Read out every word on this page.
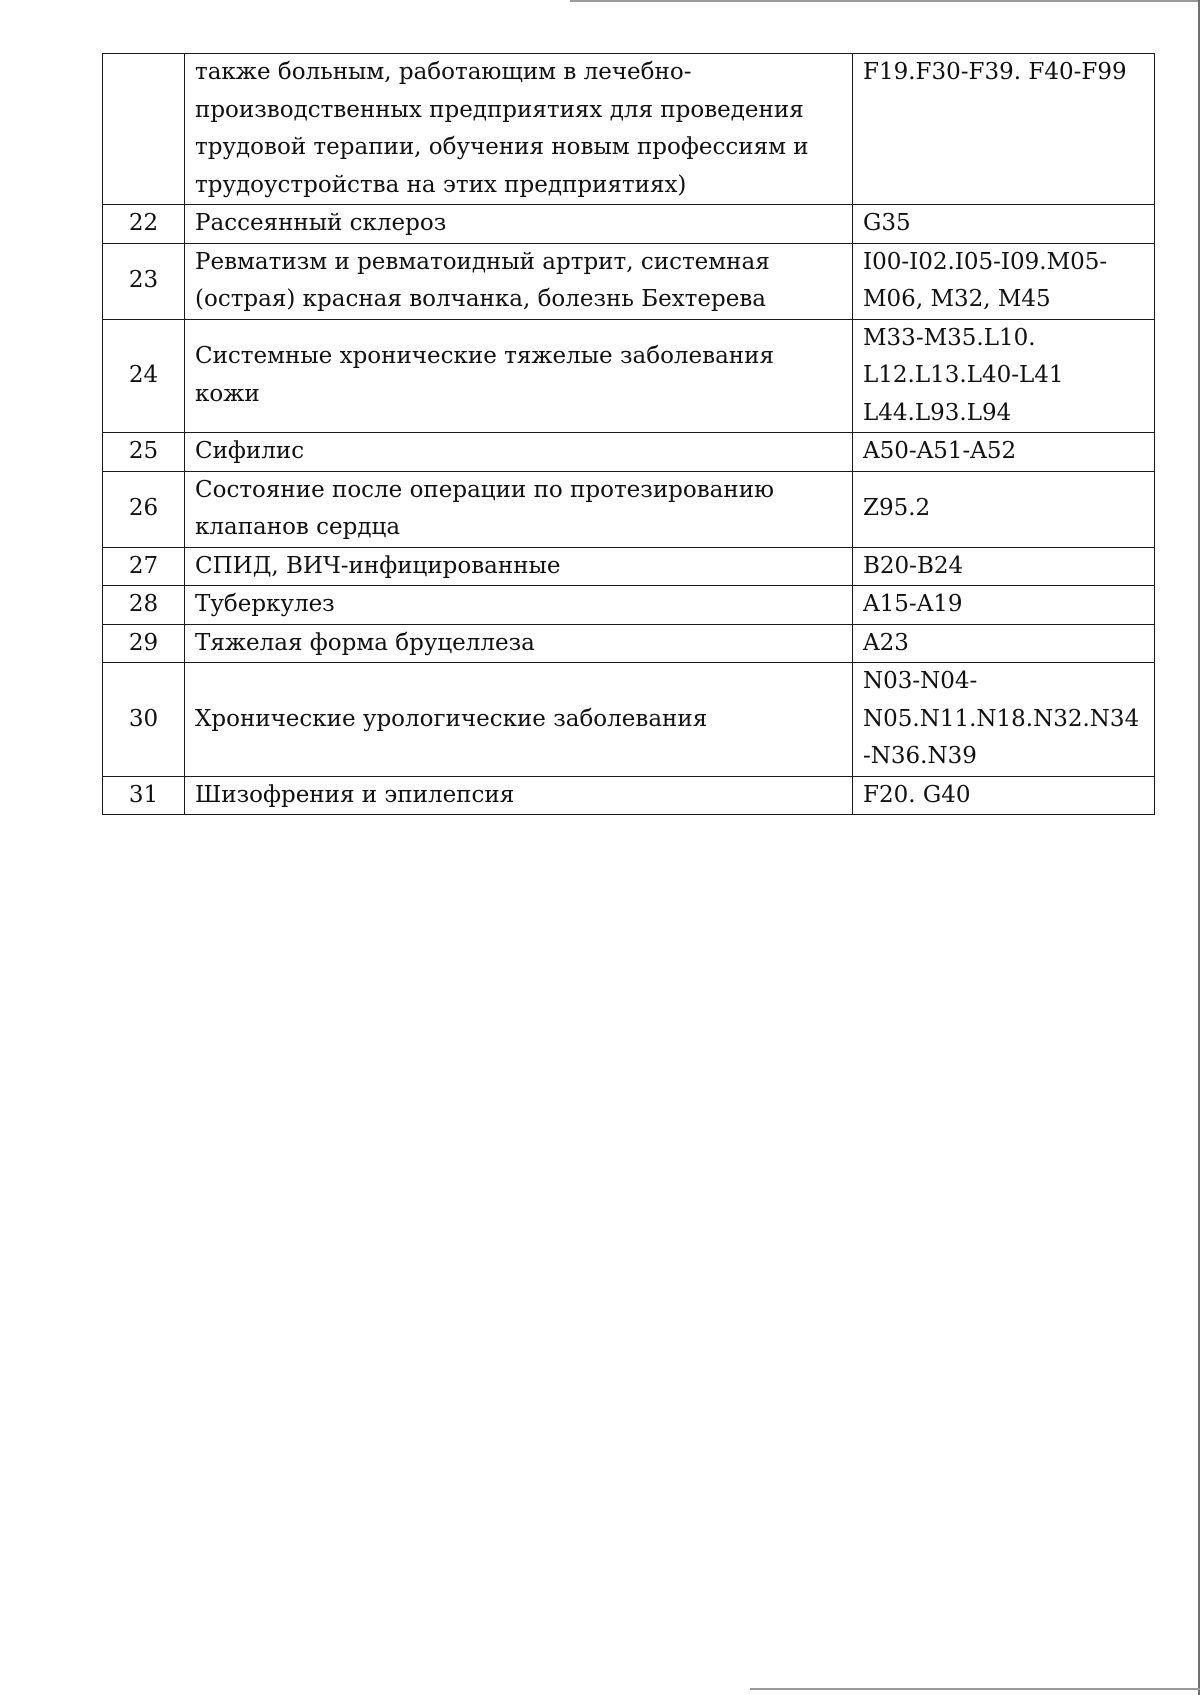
	также больным, работающим в лечебно-производственных предприятиях для проведения трудовой терапии, обучения новым профессиям и трудоустройства на этих предприятиях)	F19.F30-F39. F40-F99
22	Рассеянный склероз	G35
23	Ревматизм и ревматоидный артрит, системная (острая) красная волчанка, болезнь Бехтерева	I00-I02.I05-I09.M05-M06, M32, M45
24	Системные хронические тяжелые заболевания кожи	M33-M35.L10. L12.L13.L40-L41 L44.L93.L94
25	Сифилис	A50-A51-A52
26	Состояние после операции по протезированию клапанов сердца	Z95.2
27	СПИД, ВИЧ-инфицированные	B20-B24
28	Туберкулез	A15-A19
29	Тяжелая форма бруцеллеза	A23
30	Хронические урологические заболевания	N03-N04-N05.N11.N18.N32.N34-N36.N39
31	Шизофрения и эпилепсия	F20. G40
